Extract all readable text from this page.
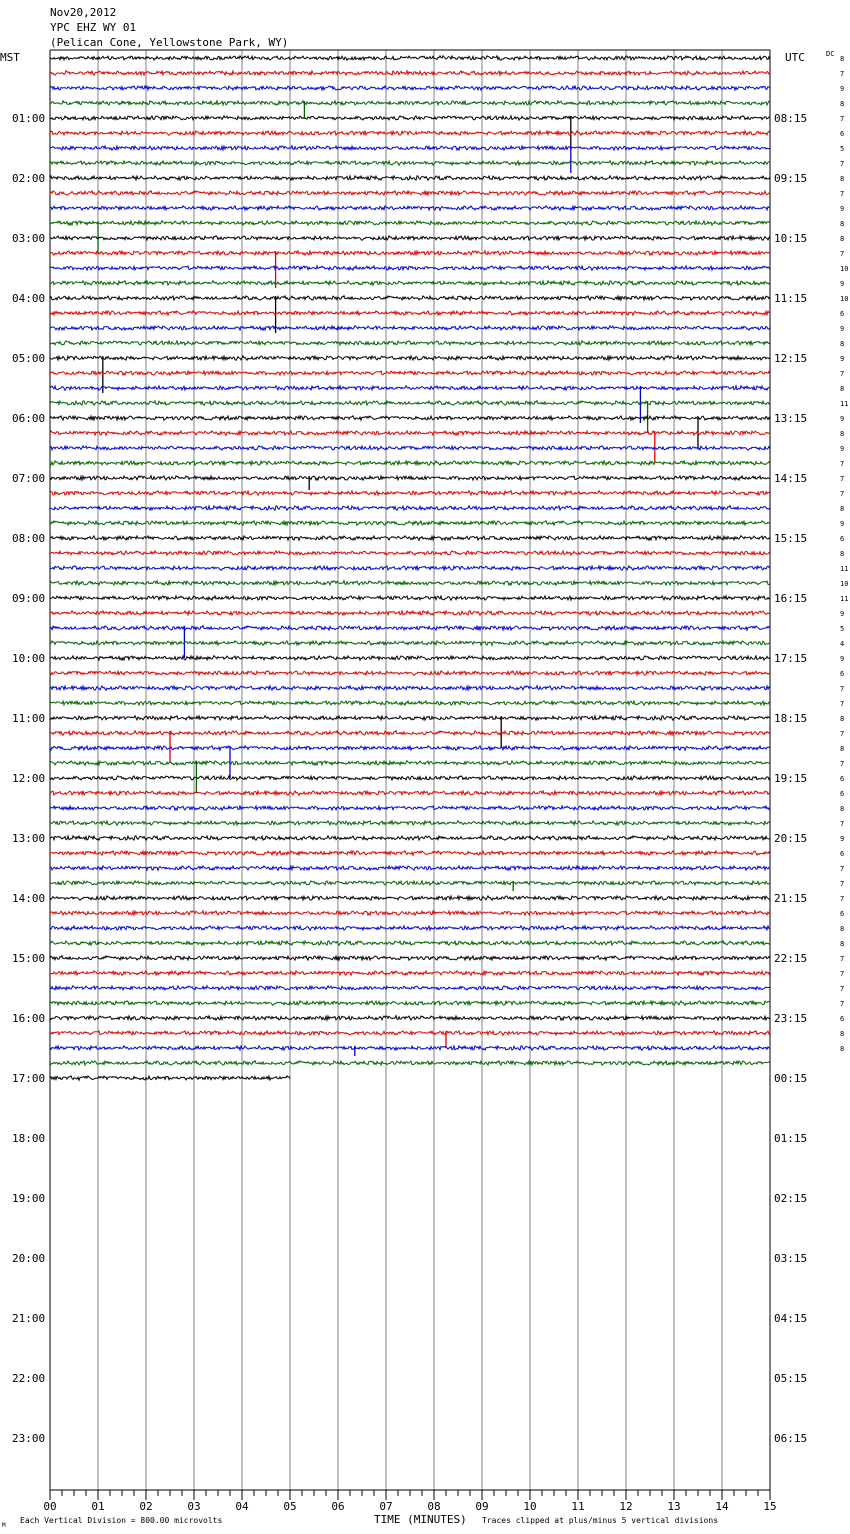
Nov20,2012
YPC EHZ WY 01
(Pelican Cone, Yellowstone Park, WY)
MST	UTC	DC
01:00	08:15
02:00	09:15
03:00	10:15
04:00	11:15
05:00	12:15
06:00	13:15
07:00	14:15
08:00	15:15
09:00	16:15
10:00	17:15
11:00	18:15
12:00	19:15
13:00	20:15
14:00	21:15
15:00	22:15
16:00	23:15
17:00	00:15
18:00	01:15
19:00	02:15
20:00	03:15
21:00	04:15
22:00	05:15
23:00	06:15
8
7
9
8
7
6
5
7
8
7
9
8
8
7
10
9
10
6
9
8
9
7
8
11
9
8
9
7
7
7
8
9
6
8
11
10
11
9
5
4
9
6
7
7
8
7
8
7
6
6
8
7
9
6
7
7
7
6
8
8
7
7
7
7
6
8
8
00	01	02	03	04	05	06	07	08	09	10	11	12	13	14	15
M
Each Vertical Division = 800.00 microvolts	TIME (MINUTES) Traces clipped at plus/minus 5 vertical divisions
